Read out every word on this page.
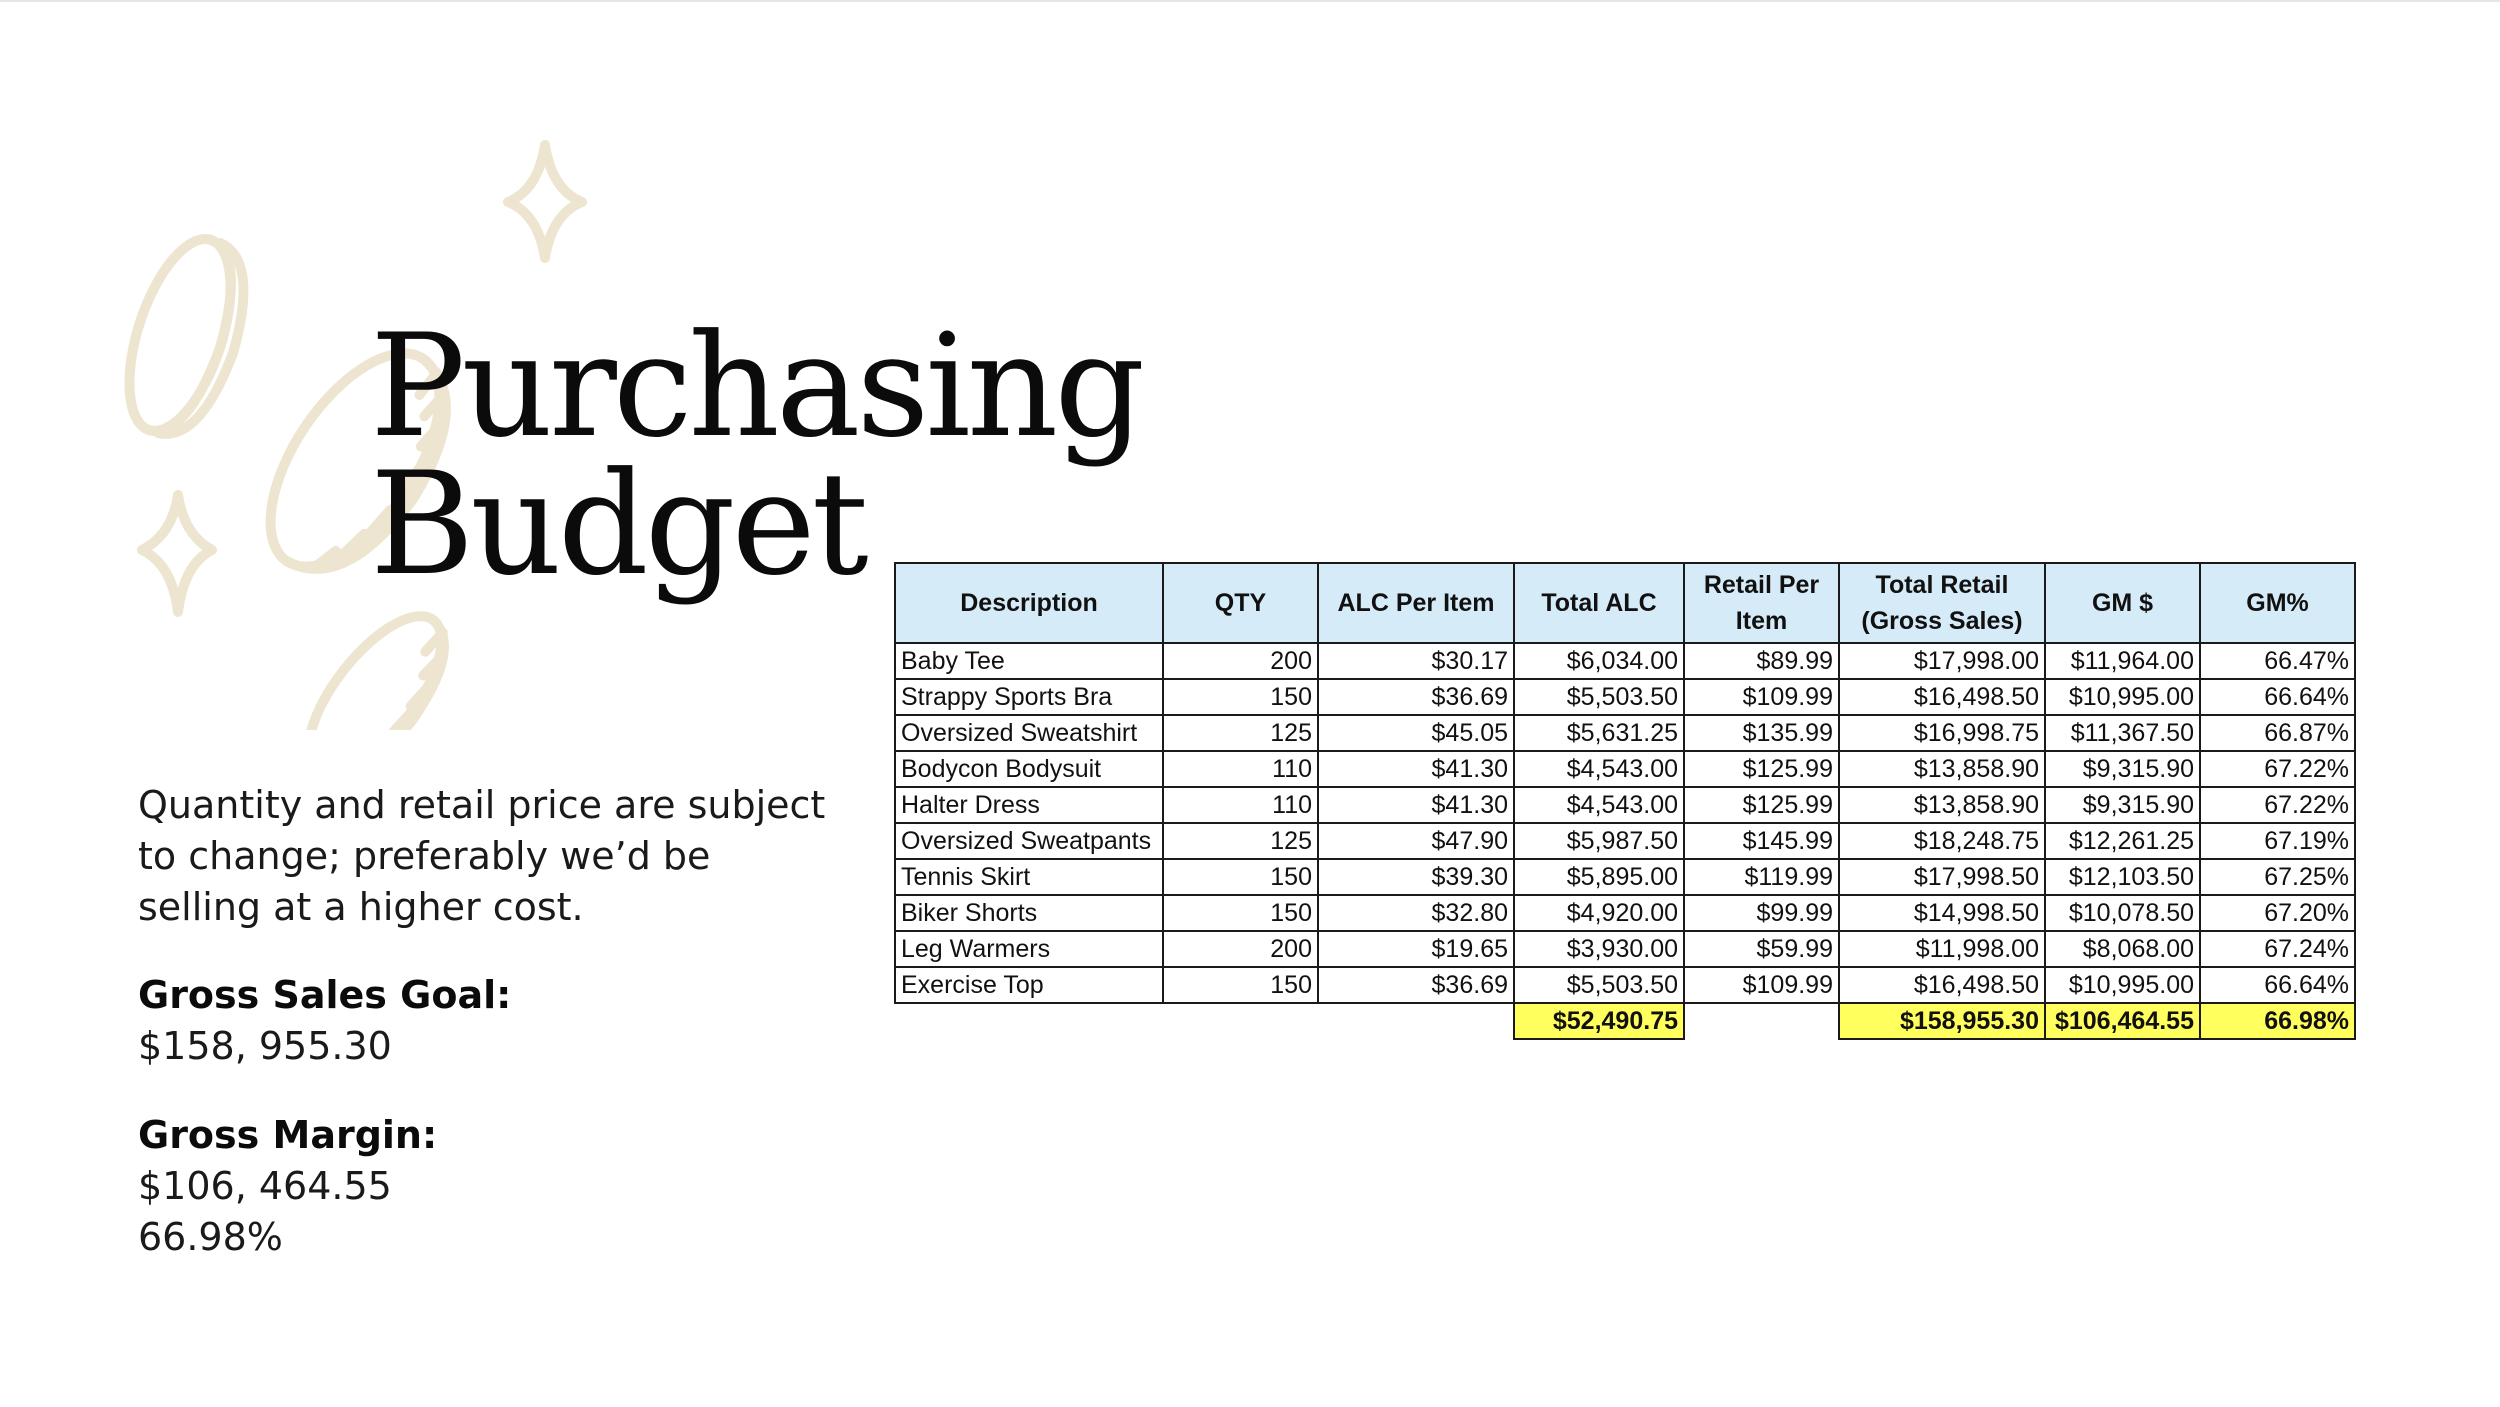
Purchasing
Budget

Quantity and retail price are subject to change; preferably we’d be selling at a higher cost.

Gross Sales Goal:
$158, 955.30
Gross Margin:
$106, 464.55
66.98%
Description	QTY	ALC Per Item	Total ALC	Retail Per Item	Total Retail (Gross Sales)	GM $	GM%
Baby Tee	200	$30.17	$6,034.00	$89.99	$17,998.00	$11,964.00	66.47%
Strappy Sports Bra	150	$36.69	$5,503.50	$109.99	$16,498.50	$10,995.00	66.64%
Oversized Sweatshirt	125	$45.05	$5,631.25	$135.99	$16,998.75	$11,367.50	66.87%
Bodycon Bodysuit	110	$41.30	$4,543.00	$125.99	$13,858.90	$9,315.90	67.22%
Halter Dress	110	$41.30	$4,543.00	$125.99	$13,858.90	$9,315.90	67.22%
Oversized Sweatpants	125	$47.90	$5,987.50	$145.99	$18,248.75	$12,261.25	67.19%
Tennis Skirt	150	$39.30	$5,895.00	$119.99	$17,998.50	$12,103.50	67.25%
Biker Shorts	150	$32.80	$4,920.00	$99.99	$14,998.50	$10,078.50	67.20%
Leg Warmers	200	$19.65	$3,930.00	$59.99	$11,998.00	$8,068.00	67.24%
Exercise Top	150	$36.69	$5,503.50	$109.99	$16,498.50	$10,995.00	66.64%
			$52,490.75		$158,955.30	$106,464.55	66.98%
